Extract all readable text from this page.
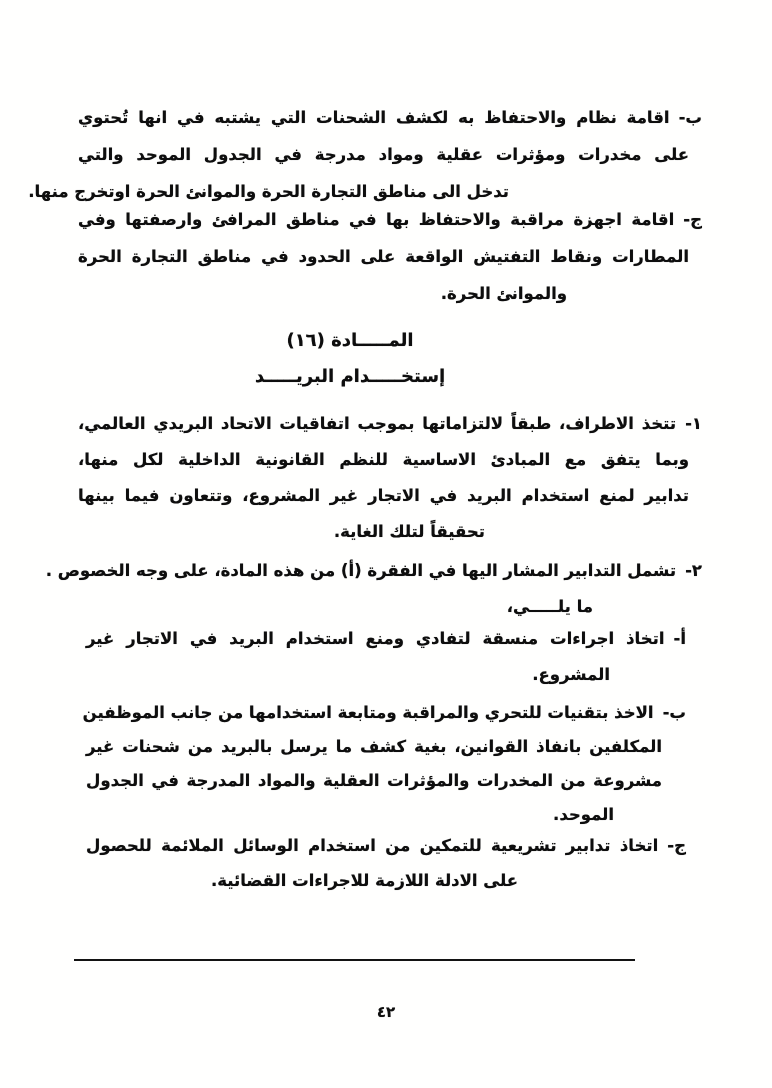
ب-اقامة نظام والاحتفاظ به لكشف الشحنات التي يشتبه في انها تُحتوي
على مخدرات ومؤثرات عقلية ومواد مدرجة في الجدول الموحد والتي
تدخل الى مناطق التجارة الحرة والموانئ الحرة اوتخرج منها.
ج-اقامة اجهزة مراقبة والاحتفاظ بها في مناطق المرافئ وارصفتها وفي
المطارات ونقاط التفتيش الواقعة على الحدود في مناطق التجارة الحرة
والموانئ الحرة.
المـــــادة (١٦)
إستخـــــدام البريـــــد
١-تتخذ الاطراف، طبقاً لالتزاماتها بموجب اتفاقيات الاتحاد البريدي العالمي،
وبما يتفق مع المبادئ الاساسية للنظم القانونية الداخلية لكل منها،
تدابير لمنع استخدام البريد في الاتجار غير المشروع، وتتعاون فيما بينها
تحقيقاً لتلك الغاية.
٢-تشمل التدابير المشار اليها في الفقرة (أ) من هذه المادة، على وجه الخصوص .
ما يلـــــي،
أ-اتخاذ اجراءات منسقة لتفادي ومنع استخدام البريد في الاتجار غير
المشروع.
ب-الاخذ بتقنيات للتحري والمراقبة ومتابعة استخدامها من جانب الموظفين
المكلفين بانفاذ القوانين، بغية كشف ما يرسل بالبريد من شحنات غير
مشروعة من المخدرات والمؤثرات العقلية والمواد المدرجة في الجدول
الموحد.
ج-اتخاذ تدابير تشريعية للتمكين من استخدام الوسائل الملائمة للحصول
على الادلة اللازمة للاجراءات القضائية.
٤٢
